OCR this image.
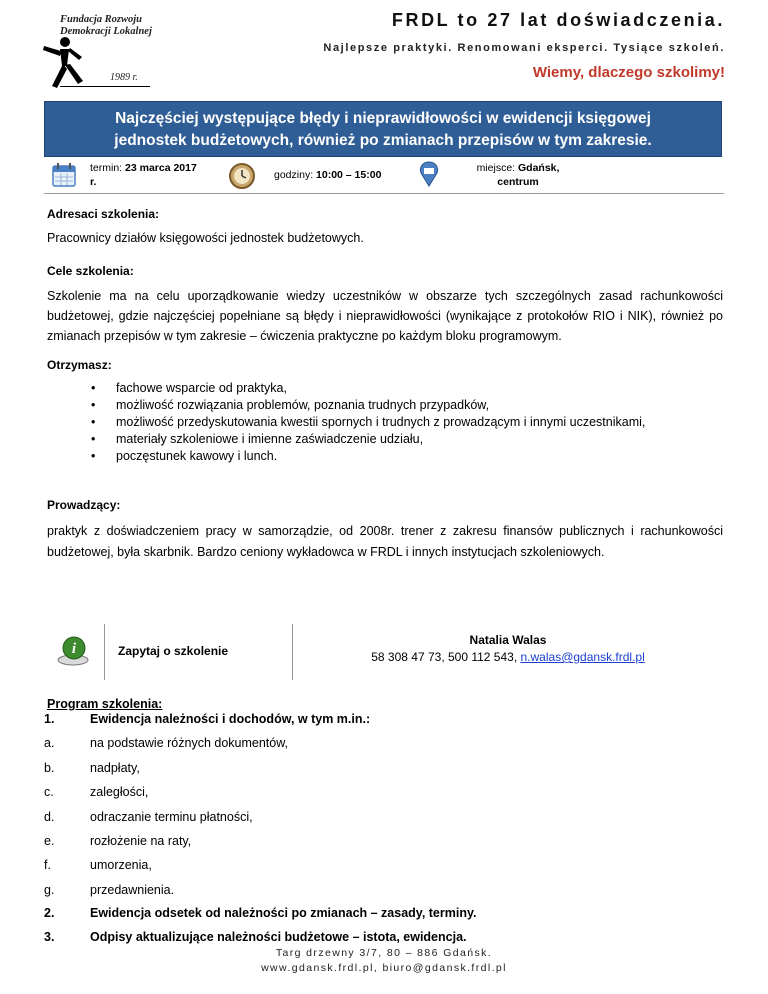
Fundacja Rozwoju
Demokracji Lokalnej
1989 r.
FRDL to 27 lat doświadczenia.
Najlepsze praktyki. Renomowani eksperci. Tysiące szkoleń.
Wiemy, dlaczego szkolimy!
Najczęściej występujące błędy i nieprawidłowości w ewidencji księgowej
jednostek budżetowych, również po zmianach przepisów w tym zakresie.
termin: 23 marca 2017
r.
godziny: 10:00 – 15:00
miejsce: Gdańsk,
centrum
Adresaci szkolenia:
Pracownicy działów księgowości jednostek budżetowych.
Cele szkolenia:
Szkolenie ma na celu uporządkowanie wiedzy uczestników w obszarze tych szczególnych zasad rachunkowości budżetowej, gdzie najczęściej popełniane są błędy i nieprawidłowości (wynikające z protokołów RIO i NIK), również po zmianach przepisów w tym zakresie – ćwiczenia praktyczne po każdym bloku programowym.
Otrzymasz:
• fachowe wsparcie od praktyka,
• możliwość rozwiązania problemów, poznania trudnych przypadków,
• możliwość przedyskutowania kwestii spornych i trudnych z prowadzącym i innymi uczestnikami,
• materiały szkoleniowe i imienne zaświadczenie udziału,
• poczęstunek kawowy i lunch.
Prowadzący:
praktyk z doświadczeniem pracy w samorządzie, od 2008r. trener z zakresu finansów publicznych i rachunkowości budżetowej, była skarbnik. Bardzo ceniony wykładowca w FRDL i innych instytucjach szkoleniowych.
i	Zapytaj o szkolenie
Natalia Walas
58 308 47 73, 500 112 543, n.walas@gdansk.frdl.pl
Program szkolenia:
1.	Ewidencja należności i dochodów, w tym m.in.:
a.	na podstawie różnych dokumentów,
b.	nadpłaty,
c.	zaległości,
d.	odraczanie terminu płatności,
e.	rozłożenie na raty,
f.	umorzenia,
g.	przedawnienia.
2.	Ewidencja odsetek od należności po zmianach – zasady, terminy.
3.	Odpisy aktualizujące należności budżetowe – istota, ewidencja.
Targ drzewny 3/7, 80 – 886 Gdańsk.
www.gdansk.frdl.pl, biuro@gdansk.frdl.pl
